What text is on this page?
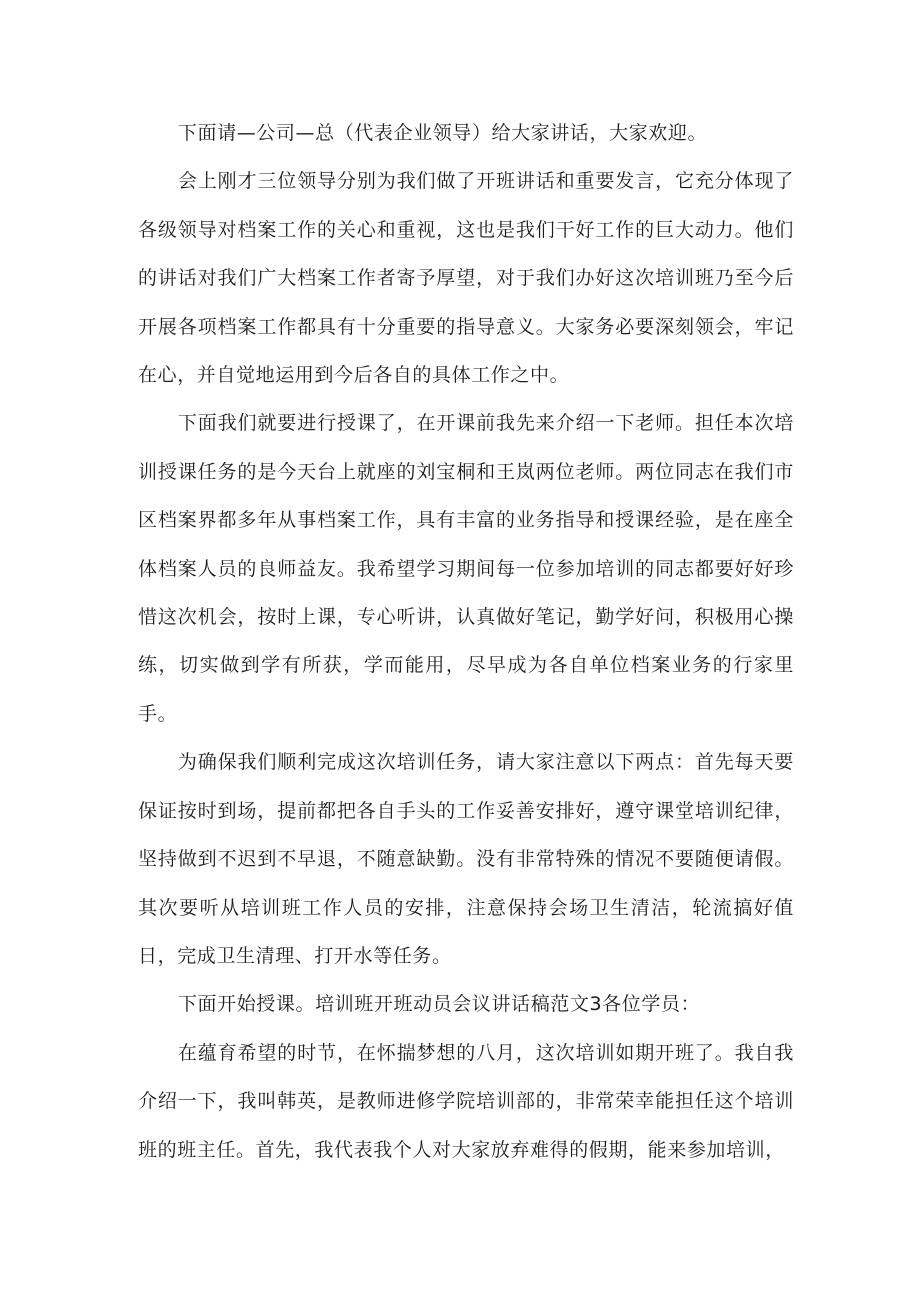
下面请—公司—总（代表企业领导）给大家讲话，大家欢迎。

会上刚才三位领导分别为我们做了开班讲话和重要发言，它充分体现了各级领导对档案工作的关心和重视，这也是我们干好工作的巨大动力。他们的讲话对我们广大档案工作者寄予厚望，对于我们办好这次培训班乃至今后开展各项档案工作都具有十分重要的指导意义。大家务必要深刻领会，牢记在心，并自觉地运用到今后各自的具体工作之中。

下面我们就要进行授课了，在开课前我先来介绍一下老师。担任本次培训授课任务的是今天台上就座的刘宝桐和王岚两位老师。两位同志在我们市区档案界都多年从事档案工作，具有丰富的业务指导和授课经验，是在座全体档案人员的良师益友。我希望学习期间每一位参加培训的同志都要好好珍惜这次机会，按时上课，专心听讲，认真做好笔记，勤学好问，积极用心操练，切实做到学有所获，学而能用，尽早成为各自单位档案业务的行家里手。

为确保我们顺利完成这次培训任务，请大家注意以下两点：首先每天要保证按时到场，提前都把各自手头的工作妥善安排好，遵守课堂培训纪律，坚持做到不迟到不早退，不随意缺勤。没有非常特殊的情况不要随便请假。其次要听从培训班工作人员的安排，注意保持会场卫生清洁，轮流搞好值日，完成卫生清理、打开水等任务。

下面开始授课。培训班开班动员会议讲话稿范文3各位学员：

在蕴育希望的时节，在怀揣梦想的八月，这次培训如期开班了。我自我介绍一下，我叫韩英，是教师进修学院培训部的，非常荣幸能担任这个培训班的班主任。首先，我代表我个人对大家放弃难得的假期，能来参加培训，
